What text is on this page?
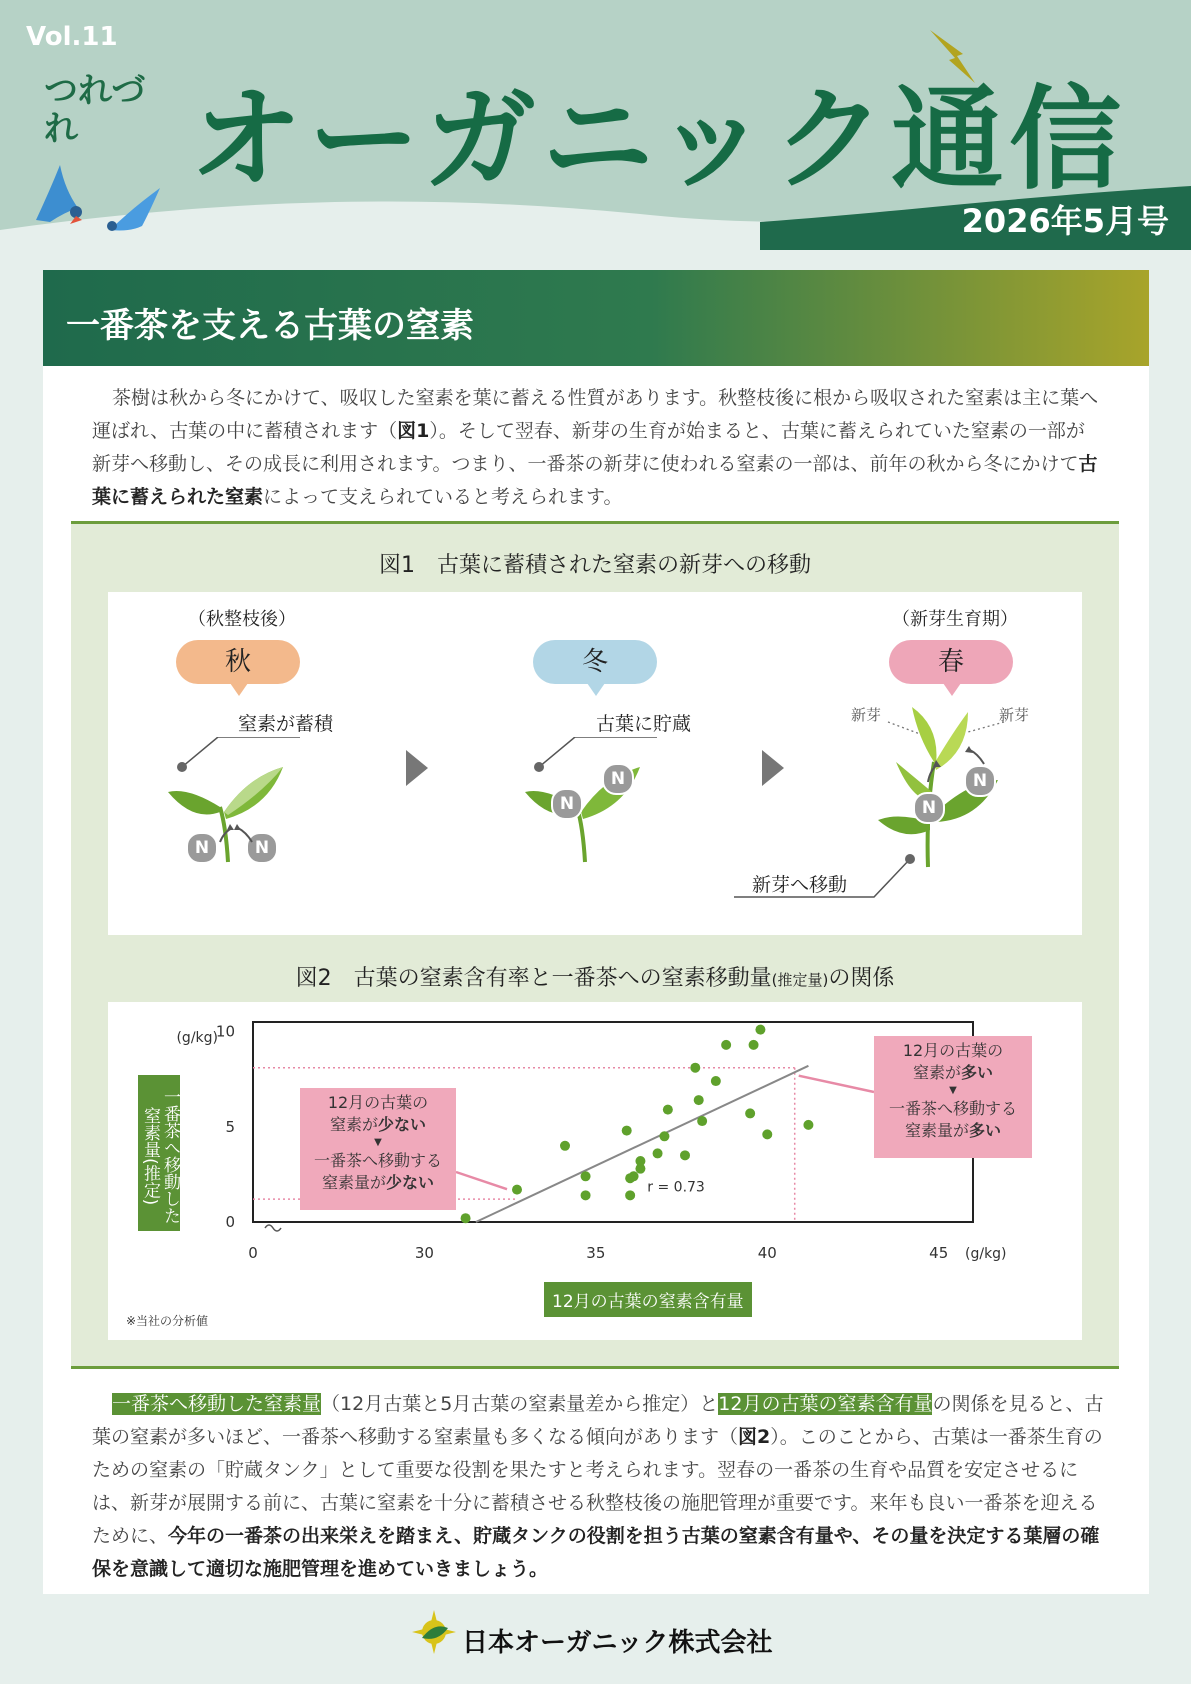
Vol.11
つれづれ	オーガニック通信
2026年5月号
一番茶を支える古葉の窒素
茶樹は秋から冬にかけて、吸収した窒素を葉に蓄える性質があります。秋整枝後に根から吸収された窒素は主に葉へ運ばれ、古葉の中に蓄積されます（図1）。そして翌春、新芽の生育が始まると、古葉に蓄えられていた窒素の一部が新芽へ移動し、その成長に利用されます。つまり、一番茶の新芽に使われる窒素の一部は、前年の秋から冬にかけて古葉に蓄えられた窒素によって支えられていると考えられます。
図1　古葉に蓄積された窒素の新芽への移動
（秋整枝後）
秋
窒素が蓄積
N	N
冬
古葉に貯蔵
N
N
（新芽生育期）
春
新芽	新芽
N
N
新芽へ移動
図2　古葉の窒素含有率と一番茶への窒素移動量(推定量)の関係
0	30	35	40	45
0
5
10
(g/kg)
(g/kg)
r = 0.73
一番茶へ移動した窒素量(推定)
12月の古葉の窒素含有量
※当社の分析値
12月の古葉の
窒素が少ない
▼
一番茶へ移動する
窒素量が少ない
12月の古葉の
窒素が多い
▼
一番茶へ移動する
窒素量が多い
一番茶へ移動した窒素量（12月古葉と5月古葉の窒素量差から推定）と12月の古葉の窒素含有量の関係を見ると、古葉の窒素が多いほど、一番茶へ移動する窒素量も多くなる傾向があります（図2）。このことから、古葉は一番茶生育のための窒素の「貯蔵タンク」として重要な役割を果たすと考えられます。翌春の一番茶の生育や品質を安定させるには、新芽が展開する前に、古葉に窒素を十分に蓄積させる秋整枝後の施肥管理が重要です。来年も良い一番茶を迎えるために、今年の一番茶の出来栄えを踏まえ、貯蔵タンクの役割を担う古葉の窒素含有量や、その量を決定する葉層の確保を意識して適切な施肥管理を進めていきましょう。
日本オーガニック株式会社
